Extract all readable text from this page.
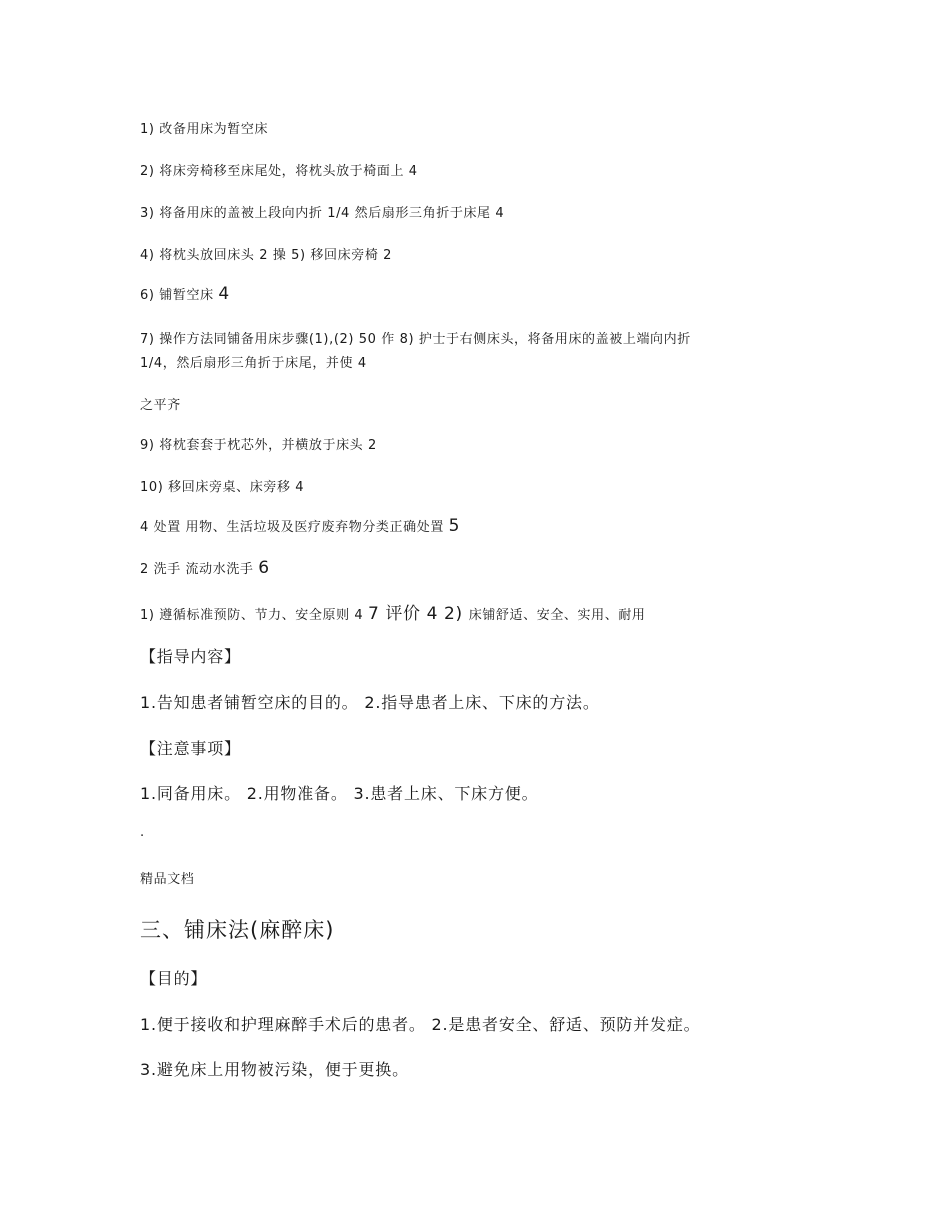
1) 改备用床为暂空床
2) 将床旁椅移至床尾处，将枕头放于椅面上 4
3) 将备用床的盖被上段向内折 1/4 然后扇形三角折于床尾 4
4) 将枕头放回床头 2 操 5) 移回床旁椅 2
6) 铺暂空床 4
7) 操作方法同铺备用床步骤(1),(2) 50 作 8) 护士于右侧床头，将备用床的盖被上端向内折
1/4，然后扇形三角折于床尾，并使 4
之平齐
9) 将枕套套于枕芯外，并横放于床头 2
10) 移回床旁桌、床旁移 4
4 处置 用物、生活垃圾及医疗废弃物分类正确处置 5
2 洗手 流动水洗手 6
1) 遵循标准预防、节力、安全原则 4 7 评价 4 2) 床铺舒适、安全、实用、耐用
【指导内容】
1.告知患者铺暂空床的目的。 2.指导患者上床、下床的方法。
【注意事项】
1.同备用床。 2.用物准备。 3.患者上床、下床方便。
.
精品文档
三、铺床法(麻醉床)
【目的】
1.便于接收和护理麻醉手术后的患者。 2.是患者安全、舒适、预防并发症。
3.避免床上用物被污染，便于更换。
